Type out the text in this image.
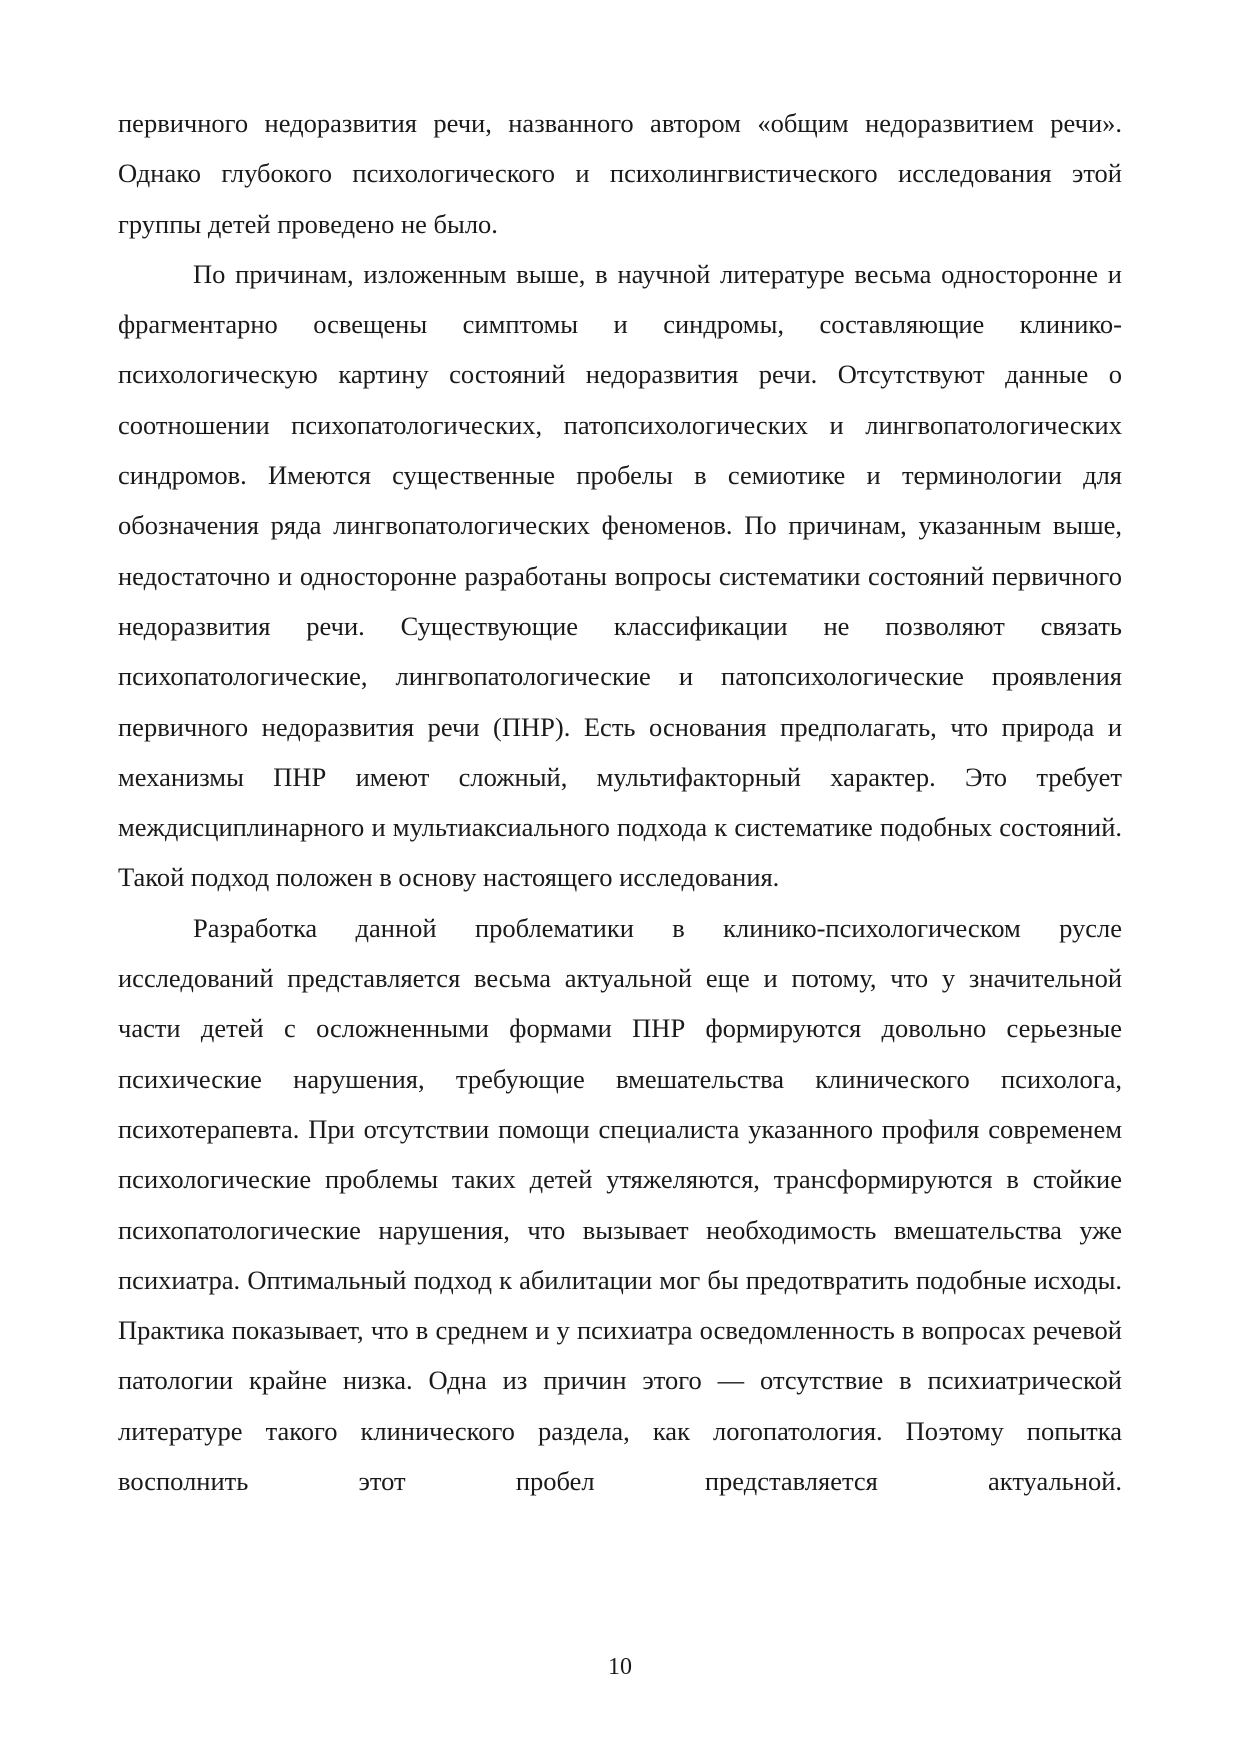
первичного недоразвития речи, названного автором «общим недоразвитием речи». Однако глубокого психологического и психолингвистического исследования этой группы детей проведено не было.

По причинам, изложенным выше, в научной литературе весьма односторонне и фрагментарно освещены симптомы и синдромы, составляющие клинико-психологическую картину состояний недоразвития речи. Отсутствуют данные о соотношении психопатологических, патопсихологических и лингвопатологических синдромов. Имеются существенные пробелы в семиотике и терминологии для обозначения ряда лингвопатологических феноменов. По причинам, указанным выше, недостаточно и односторонне разработаны вопросы систематики состояний первичного недоразвития речи. Существующие классификации не позволяют связать психопатологические, лингвопатологические и патопсихологические проявления первичного недоразвития речи (ПНР). Есть основания предполагать, что природа и механизмы ПНР имеют сложный, мультифакторный характер. Это требует междисциплинарного и мультиаксиального подхода к систематике подобных состояний. Такой подход положен в основу настоящего исследования.

Разработка данной проблематики в клинико-психологическом русле исследований представляется весьма актуальной еще и потому, что у значительной части детей с осложненными формами ПНР формируются довольно серьезные психические нарушения, требующие вмешательства клинического психолога, психотерапевта. При отсутствии помощи специалиста указанного профиля современем психологические проблемы таких детей утяжеляются, трансформируются в стойкие психопатологические нарушения, что вызывает необходимость вмешательства уже психиатра. Оптимальный подход к абилитации мог бы предотвратить подобные исходы. Практика показывает, что в среднем и у психиатра осведомленность в вопросах речевой патологии крайне низка. Одна из причин этого — отсутствие в психиатрической литературе такого клинического раздела, как логопатология. Поэтому попытка восполнить этот пробел представляется актуальной.

10
